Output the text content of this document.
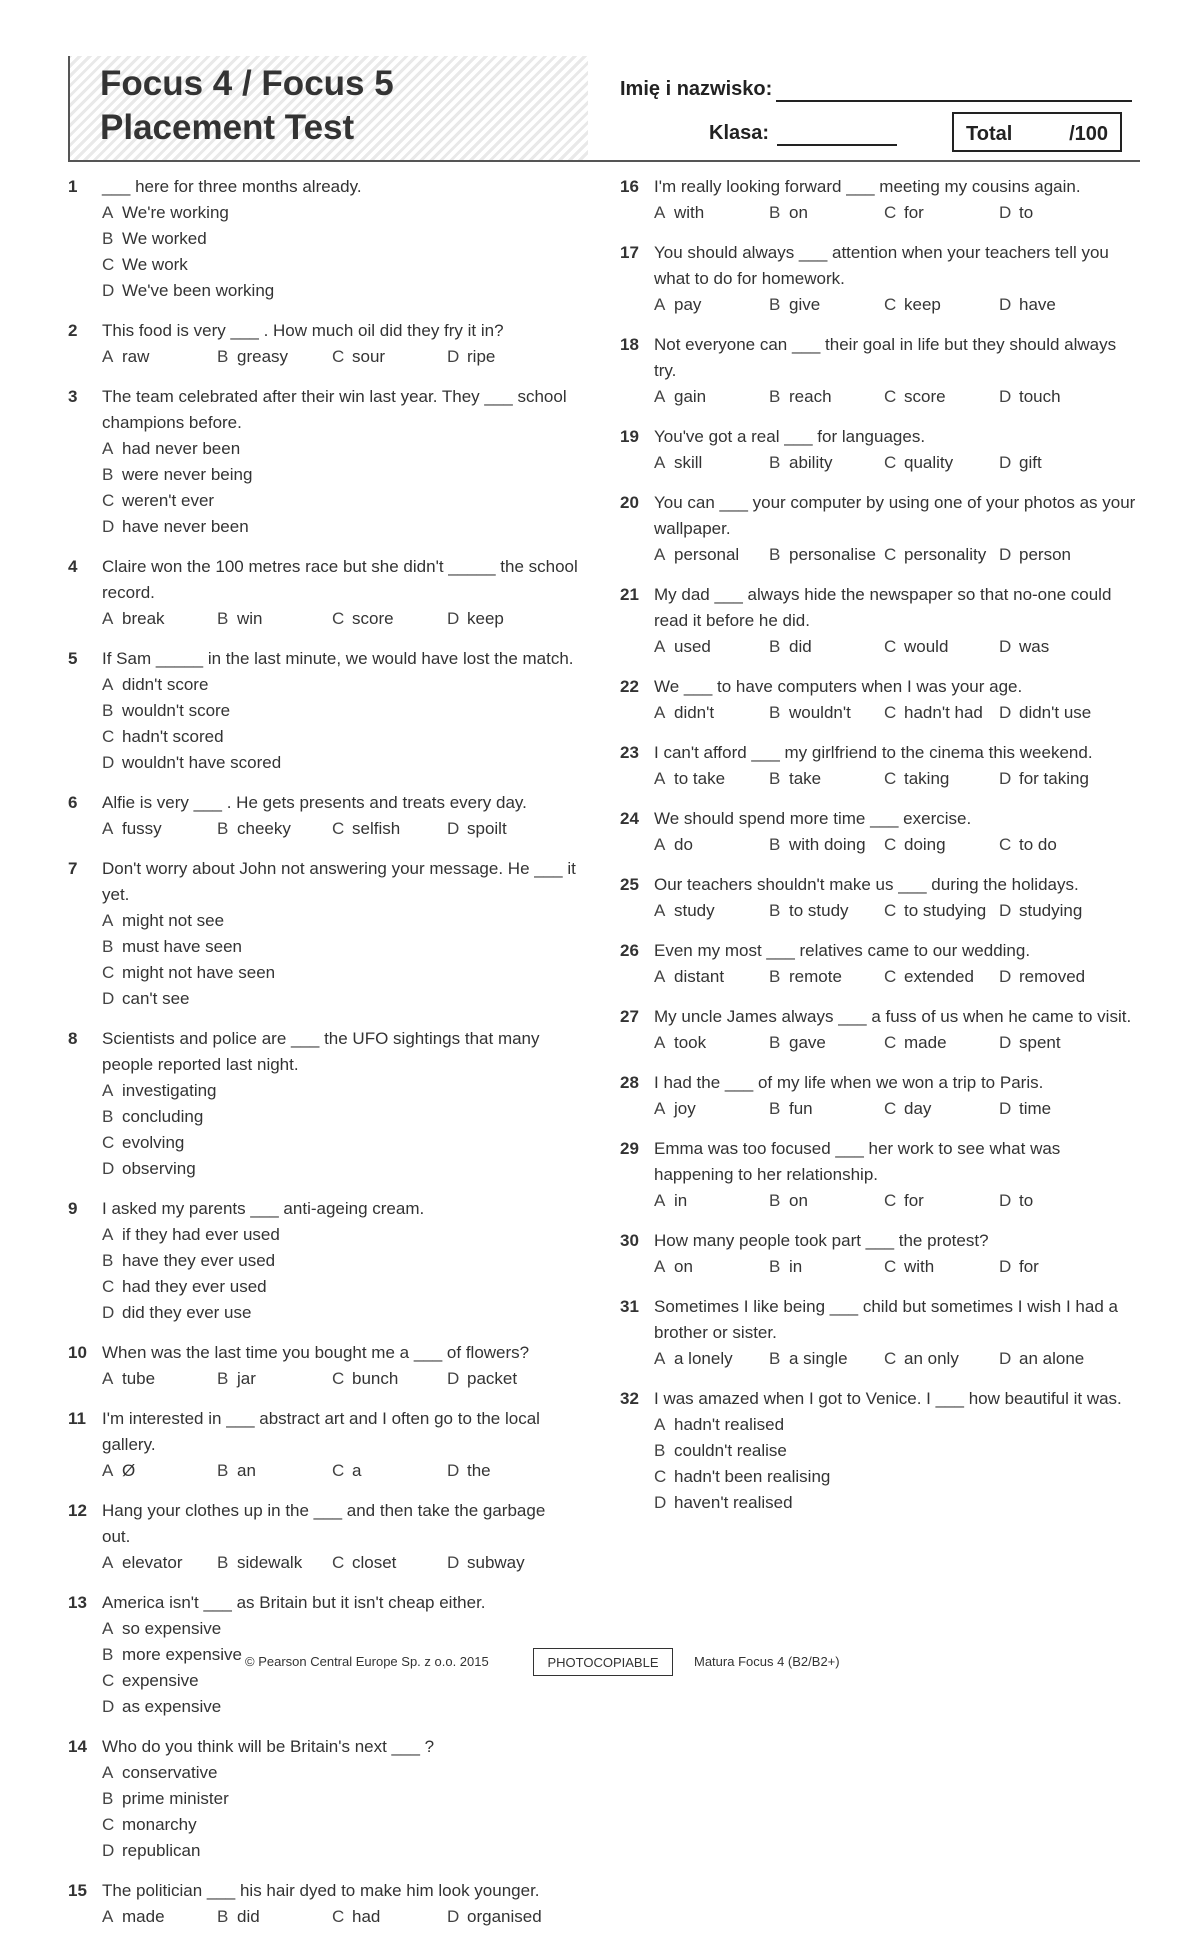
Focus 4 / Focus 5
Placement Test
Imię i nazwisko:
Klasa:	Total	/100
1	___ here for three months already.
A We're working
B We worked
C We work
D We've been working
2	This food is very ___ . How much oil did they fry it in?
A raw	B greasy	C sour	D ripe
3	The team celebrated after their win last year. They ___ school champions before.
A had never been
B were never being
C weren't ever
D have never been
4	Claire won the 100 metres race but she didn't _____ the school record.
A break	B win	C score	D keep
5	If Sam _____ in the last minute, we would have lost the match.
A didn't score
B wouldn't score
C hadn't scored
D wouldn't have scored
6	Alfie is very ___ . He gets presents and treats every day.
A fussy	B cheeky	C selfish	D spoilt
7	Don't worry about John not answering your message. He ___ it yet.
A might not see
B must have seen
C might not have seen
D can't see
8	Scientists and police are ___ the UFO sightings that many people reported last night.
A investigating
B concluding
C evolving
D observing
9	I asked my parents ___ anti-ageing cream.
A if they had ever used
B have they ever used
C had they ever used
D did they ever use
10 When was the last time you bought me a ___ of flowers?
A tube	B jar	C bunch	D packet
11 I'm interested in ___ abstract art and I often go to the local gallery.
A Ø	B an	C a	D the
12 Hang your clothes up in the ___ and then take the garbage out.
A elevator	B sidewalk	C closet	D subway
13 America isn't ___ as Britain but it isn't cheap either.
A so expensive
B more expensive
C expensive
D as expensive
14 Who do you think will be Britain's next ___ ?
A conservative
B prime minister
C monarchy
D republican
15 The politician ___ his hair dyed to make him look younger.
A made	B did	C had	D organised
16 I'm really looking forward ___ meeting my cousins again.
A with	B on	C for	D to
17 You should always ___ attention when your teachers tell you what to do for homework.
A pay	B give	C keep	D have
18 Not everyone can ___ their goal in life but they should always try.
A gain	B reach	C score	D touch
19 You've got a real ___ for languages.
A skill	B ability	C quality	D gift
20 You can ___ your computer by using one of your photos as your wallpaper.
A personal	B personalise C personality D person
21 My dad ___ always hide the newspaper so that no-one could read it before he did.
A used	B did	C would	D was
22 We ___ to have computers when I was your age.
A didn't	B wouldn't	C hadn't had D didn't use
23 I can't afford ___ my girlfriend to the cinema this weekend.
A to take	B take	C taking	D for taking
24 We should spend more time ___ exercise.
A do	B with doing	C doing	C to do
25 Our teachers shouldn't make us ___ during the holidays.
A study	B to study	C to studying D studying
26 Even my most ___ relatives came to our wedding.
A distant	B remote	C extended	D removed
27 My uncle James always ___ a fuss of us when he came to visit.
A took	B gave	C made	D spent
28 I had the ___ of my life when we won a trip to Paris.
A joy	B fun	C day	D time
29 Emma was too focused ___ her work to see what was happening to her relationship.
A in	B on	C for	D to
30 How many people took part ___ the protest?
A on	B in	C with	D for
31 Sometimes I like being ___ child but sometimes I wish I had a brother or sister.
A a lonely	B a single	C an only	D an alone
32 I was amazed when I got to Venice. I ___ how beautiful it was.
A hadn't realised
B couldn't realise
C hadn't been realising
D haven't realised
© Pearson Central Europe Sp. z o.o. 2015	PHOTOCOPIABLE	Matura Focus 4 (B2/B2+)
